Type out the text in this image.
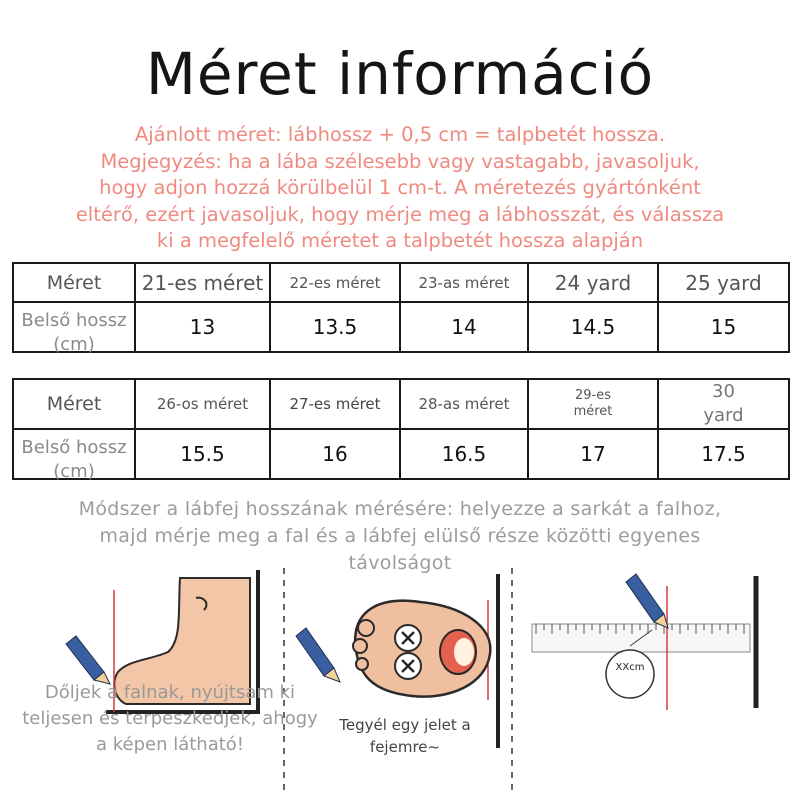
Méret információ
Ajánlott méret: lábhossz + 0,5 cm = talpbetét hossza.
Megjegyzés: ha a lába szélesebb vagy vastagabb, javasoljuk,
hogy adjon hozzá körülbelül 1 cm-t. A méretezés gyártónként
eltérő, ezért javasoljuk, hogy mérje meg a lábhosszát, és válassza
ki a megfelelő méretet a talpbetét hossza alapján
Méret	21-es méret	22-es méret	23-as méret	24 yard	25 yard

Belső hossz (cm)	13	13.5	14	14.5	15
Méret	26-os méret	27-es méret	28-as méret	29-es méret	30 yard

Belső hossz (cm)	15.5	16	16.5	17	17.5
Módszer a lábfej hosszának mérésére: helyezze a sarkát a falhoz,
majd mérje meg a fal és a lábfej elülső része közötti egyenes
távolságot
XXcm
Dőljek a falnak, nyújtsam ki teljesen és terpeszkedjek, ahogy a képen látható!
Tegyél egy jelet a fejemre~
